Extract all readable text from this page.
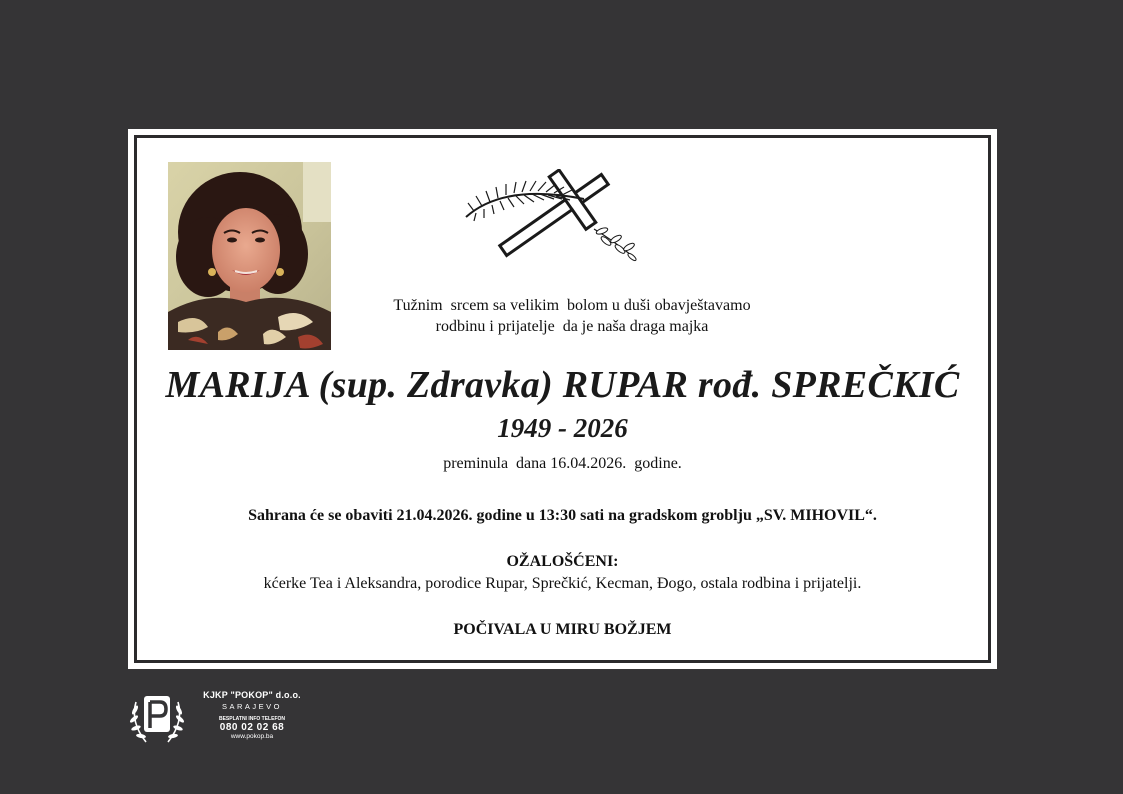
Tužnim  srcem sa velikim  bolom u duši obavještavamo
rodbinu i prijatelje  da je naša draga majka
MARIJA (sup. Zdravka) RUPAR rođ. SPREČKIĆ
1949 - 2026
preminula  dana 16.04.2026.  godine.
Sahrana će se obaviti 21.04.2026. godine u 13:30 sati na gradskom groblju „SV. MIHOVIL“.
OŽALOŠĆENI:
kćerke Tea i Aleksandra, porodice Rupar, Sprečkić, Kecman, Đogo, ostala rodbina i prijatelji.
POČIVALA U MIRU BOŽJEM
KJKP "POKOP" d.o.o.
SARAJEVO
BESPLATNI INFO TELEFON
080 02 02 68
www.pokop.ba
